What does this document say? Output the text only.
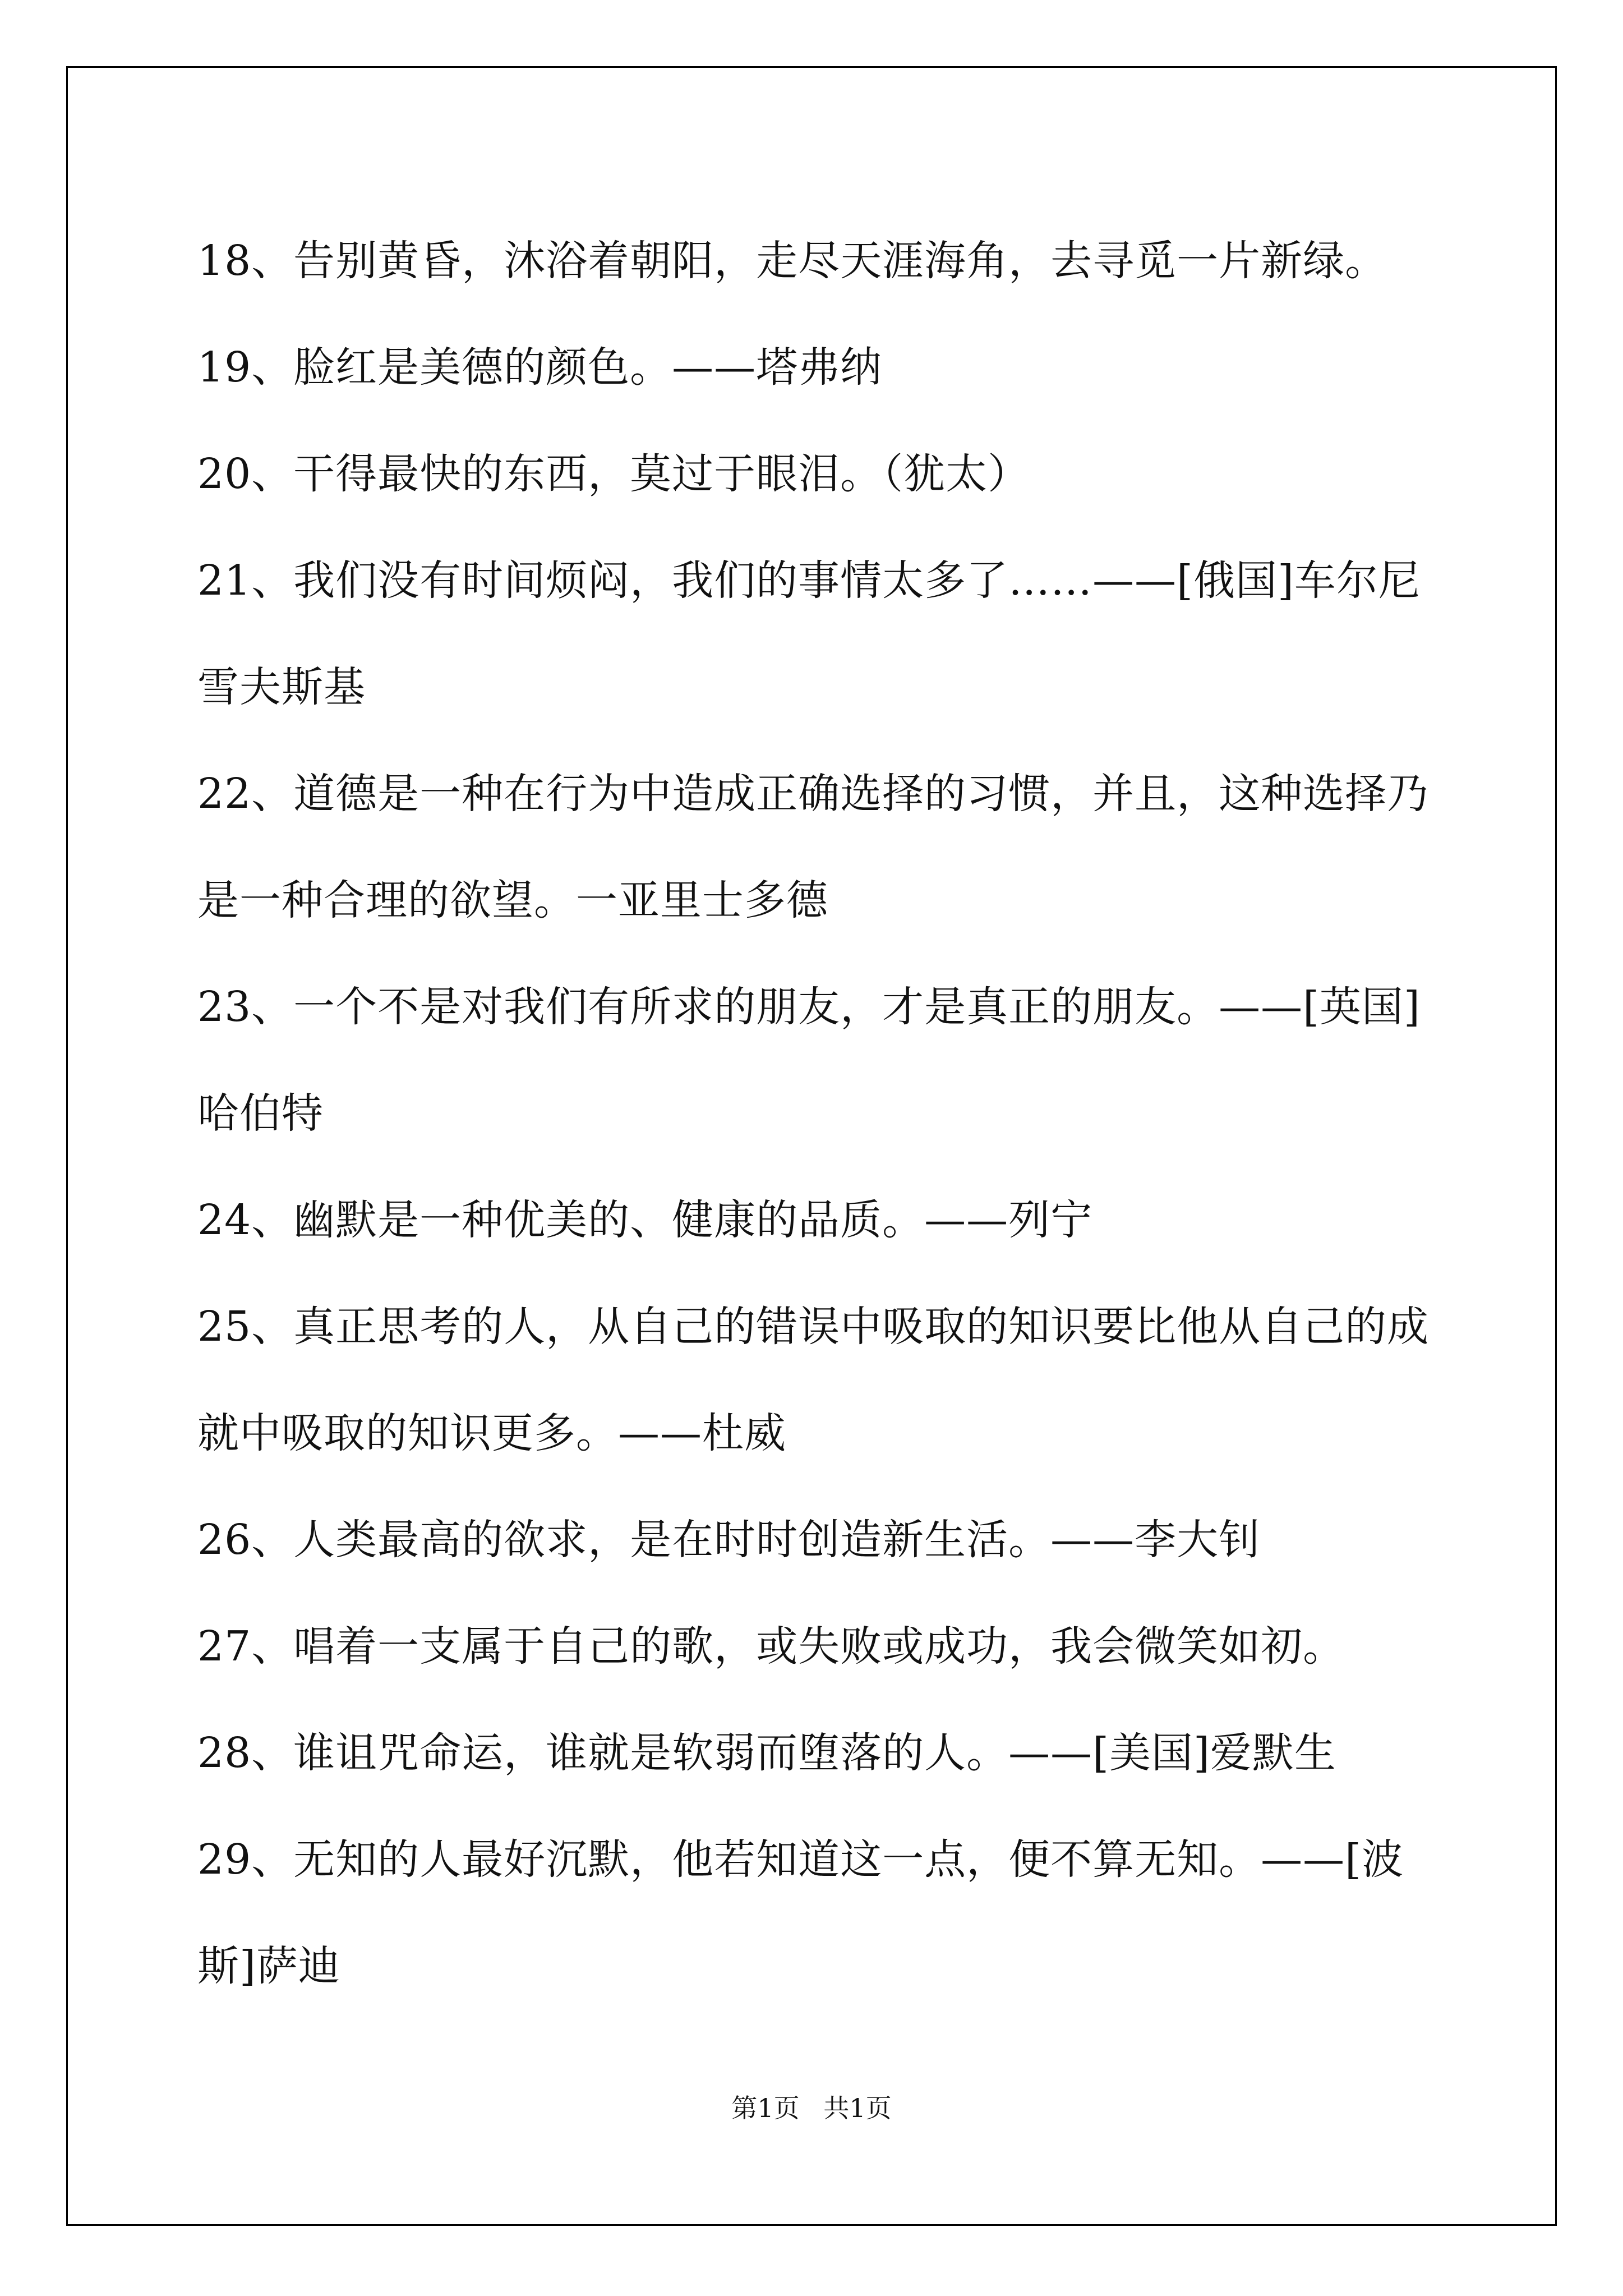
18、告别黄昏，沐浴着朝阳，走尽天涯海角，去寻觅一片新绿。

19、脸红是美德的颜色。——塔弗纳

20、干得最快的东西，莫过于眼泪。（犹太）

21、我们没有时间烦闷，我们的事情太多了……——[俄国]车尔尼雪夫斯基

22、道德是一种在行为中造成正确选择的习惯，并且，这种选择乃是一种合理的欲望。一亚里士多德

23、一个不是对我们有所求的朋友，才是真正的朋友。——[英国]哈伯特

24、幽默是一种优美的、健康的品质。——列宁

25、真正思考的人，从自己的错误中吸取的知识要比他从自己的成就中吸取的知识更多。——杜威

26、人类最高的欲求，是在时时创造新生活。——李大钊

27、唱着一支属于自己的歌，或失败或成功，我会微笑如初。

28、谁诅咒命运，谁就是软弱而堕落的人。——[美国]爱默生

29、无知的人最好沉默，他若知道这一点，便不算无知。——[波斯]萨迪

第1页 共1页
